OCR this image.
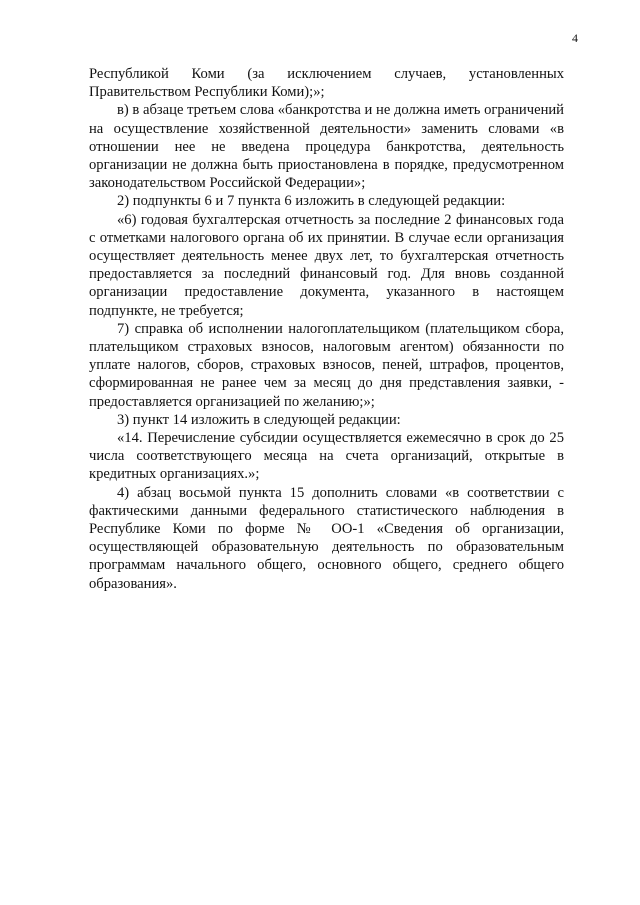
4

Республикой Коми (за исключением случаев, установленных Правительством Республики Коми);»;

в) в абзаце третьем слова «банкротства и не должна иметь ограничений на осуществление хозяйственной деятельности» заменить словами «в отношении нее не введена процедура банкротства, деятельность организации не должна быть приостановлена в порядке, предусмотренном законодательством Российской Федерации»;

2) подпункты 6 и 7 пункта 6 изложить в следующей редакции:

«6) годовая бухгалтерская отчетность за последние 2 финансовых года с отметками налогового органа об их принятии. В случае если организация осуществляет деятельность менее двух лет, то бухгалтерская отчетность предоставляется за последний финансовый год. Для вновь созданной организации предоставление документа, указанного в настоящем подпункте, не требуется;

7) справка об исполнении налогоплательщиком (плательщиком сбора, плательщиком страховых взносов, налоговым агентом) обязанности по уплате налогов, сборов, страховых взносов, пеней, штрафов, процентов, сформированная не ранее чем за месяц до дня представления заявки, - предоставляется организацией по желанию;»;

3) пункт 14 изложить в следующей редакции:

«14. Перечисление субсидии осуществляется ежемесячно в срок до 25 числа соответствующего месяца на счета организаций, открытые в кредитных организациях.»;

4) абзац восьмой пункта 15 дополнить словами «в соответствии с фактическими данными федерального статистического наблюдения в Республике Коми по форме № ОО-1 «Сведения об организации, осуществляющей образовательную деятельность по образовательным программам начального общего, основного общего, среднего общего образования».
